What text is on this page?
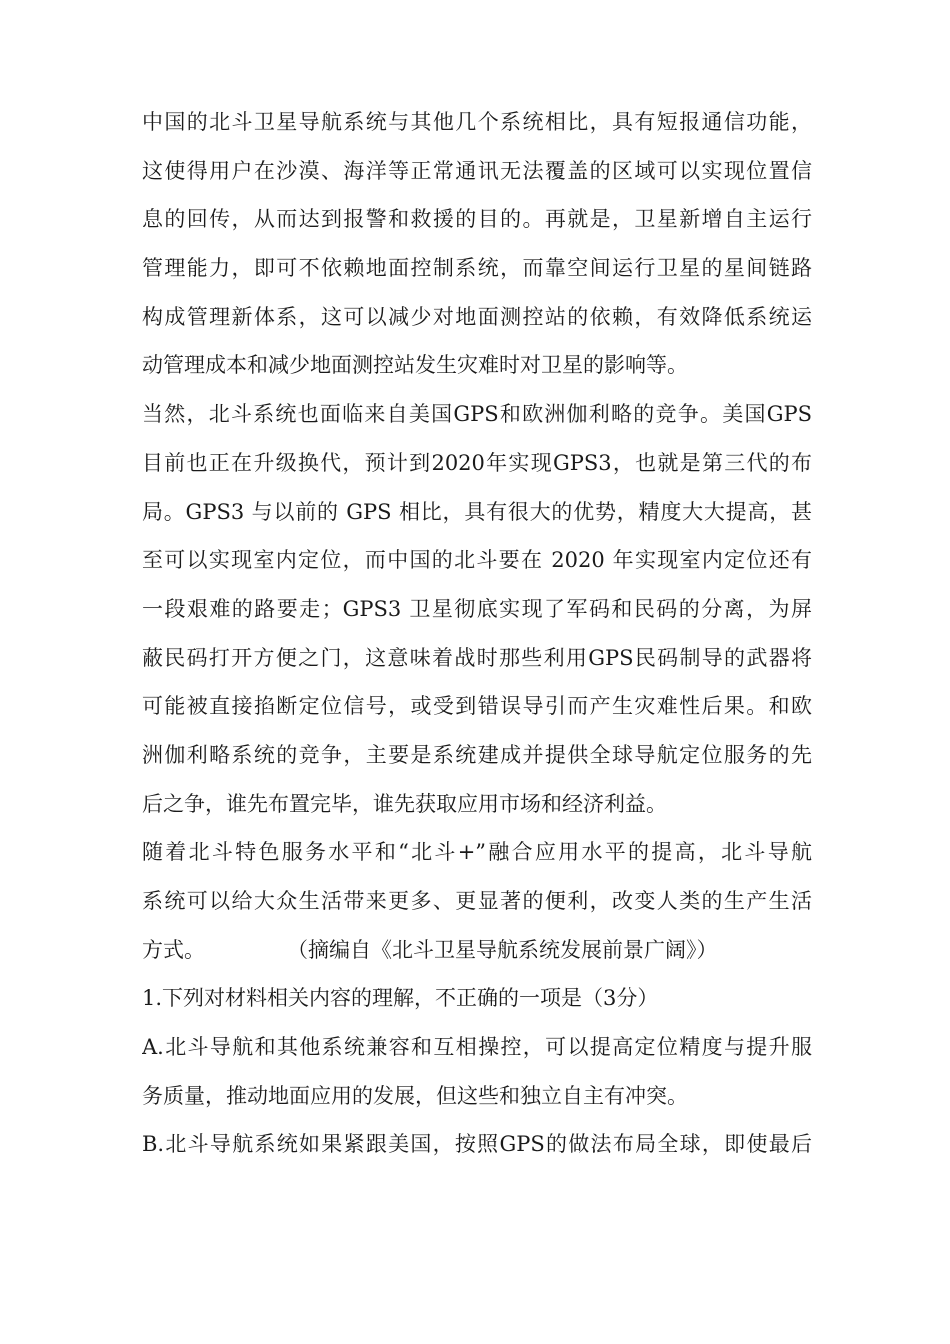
中国的北斗卫星导航系统与其他几个系统相比，具有短报通信功能，
这使得用户在沙漠、海洋等正常通讯无法覆盖的区域可以实现位置信
息的回传，从而达到报警和救援的目的。再就是，卫星新增自主运行
管理能力，即可不依赖地面控制系统，而靠空间运行卫星的星间链路
构成管理新体系，这可以减少对地面测控站的依赖，有效降低系统运
动管理成本和减少地面测控站发生灾难时对卫星的影响等。
当然，北斗系统也面临来自美国GPS和欧洲伽利略的竞争。美国GPS
目前也正在升级换代，预计到2020年实现GPS3，也就是第三代的布
局。GPS3 与以前的 GPS 相比，具有很大的优势，精度大大提高，甚
至可以实现室内定位，而中国的北斗要在 2020 年实现室内定位还有
一段艰难的路要走；GPS3 卫星彻底实现了军码和民码的分离，为屏
蔽民码打开方便之门，这意味着战时那些利用GPS民码制导的武器将
可能被直接掐断定位信号，或受到错误导引而产生灾难性后果。和欧
洲伽利略系统的竞争，主要是系统建成并提供全球导航定位服务的先
后之争，谁先布置完毕，谁先获取应用市场和经济利益。
随着北斗特色服务水平和“北斗+”融合应用水平的提高，北斗导航
系统可以给大众生活带来更多、更显著的便利，改变人类的生产生活
方式。	（摘编自《北斗卫星导航系统发展前景广阔》）
1.下列对材料相关内容的理解，不正确的一项是（3分）
A.北斗导航和其他系统兼容和互相操控，可以提高定位精度与提升服
务质量，推动地面应用的发展，但这些和独立自主有冲突。
B.北斗导航系统如果紧跟美国，按照GPS的做法布局全球，即使最后
